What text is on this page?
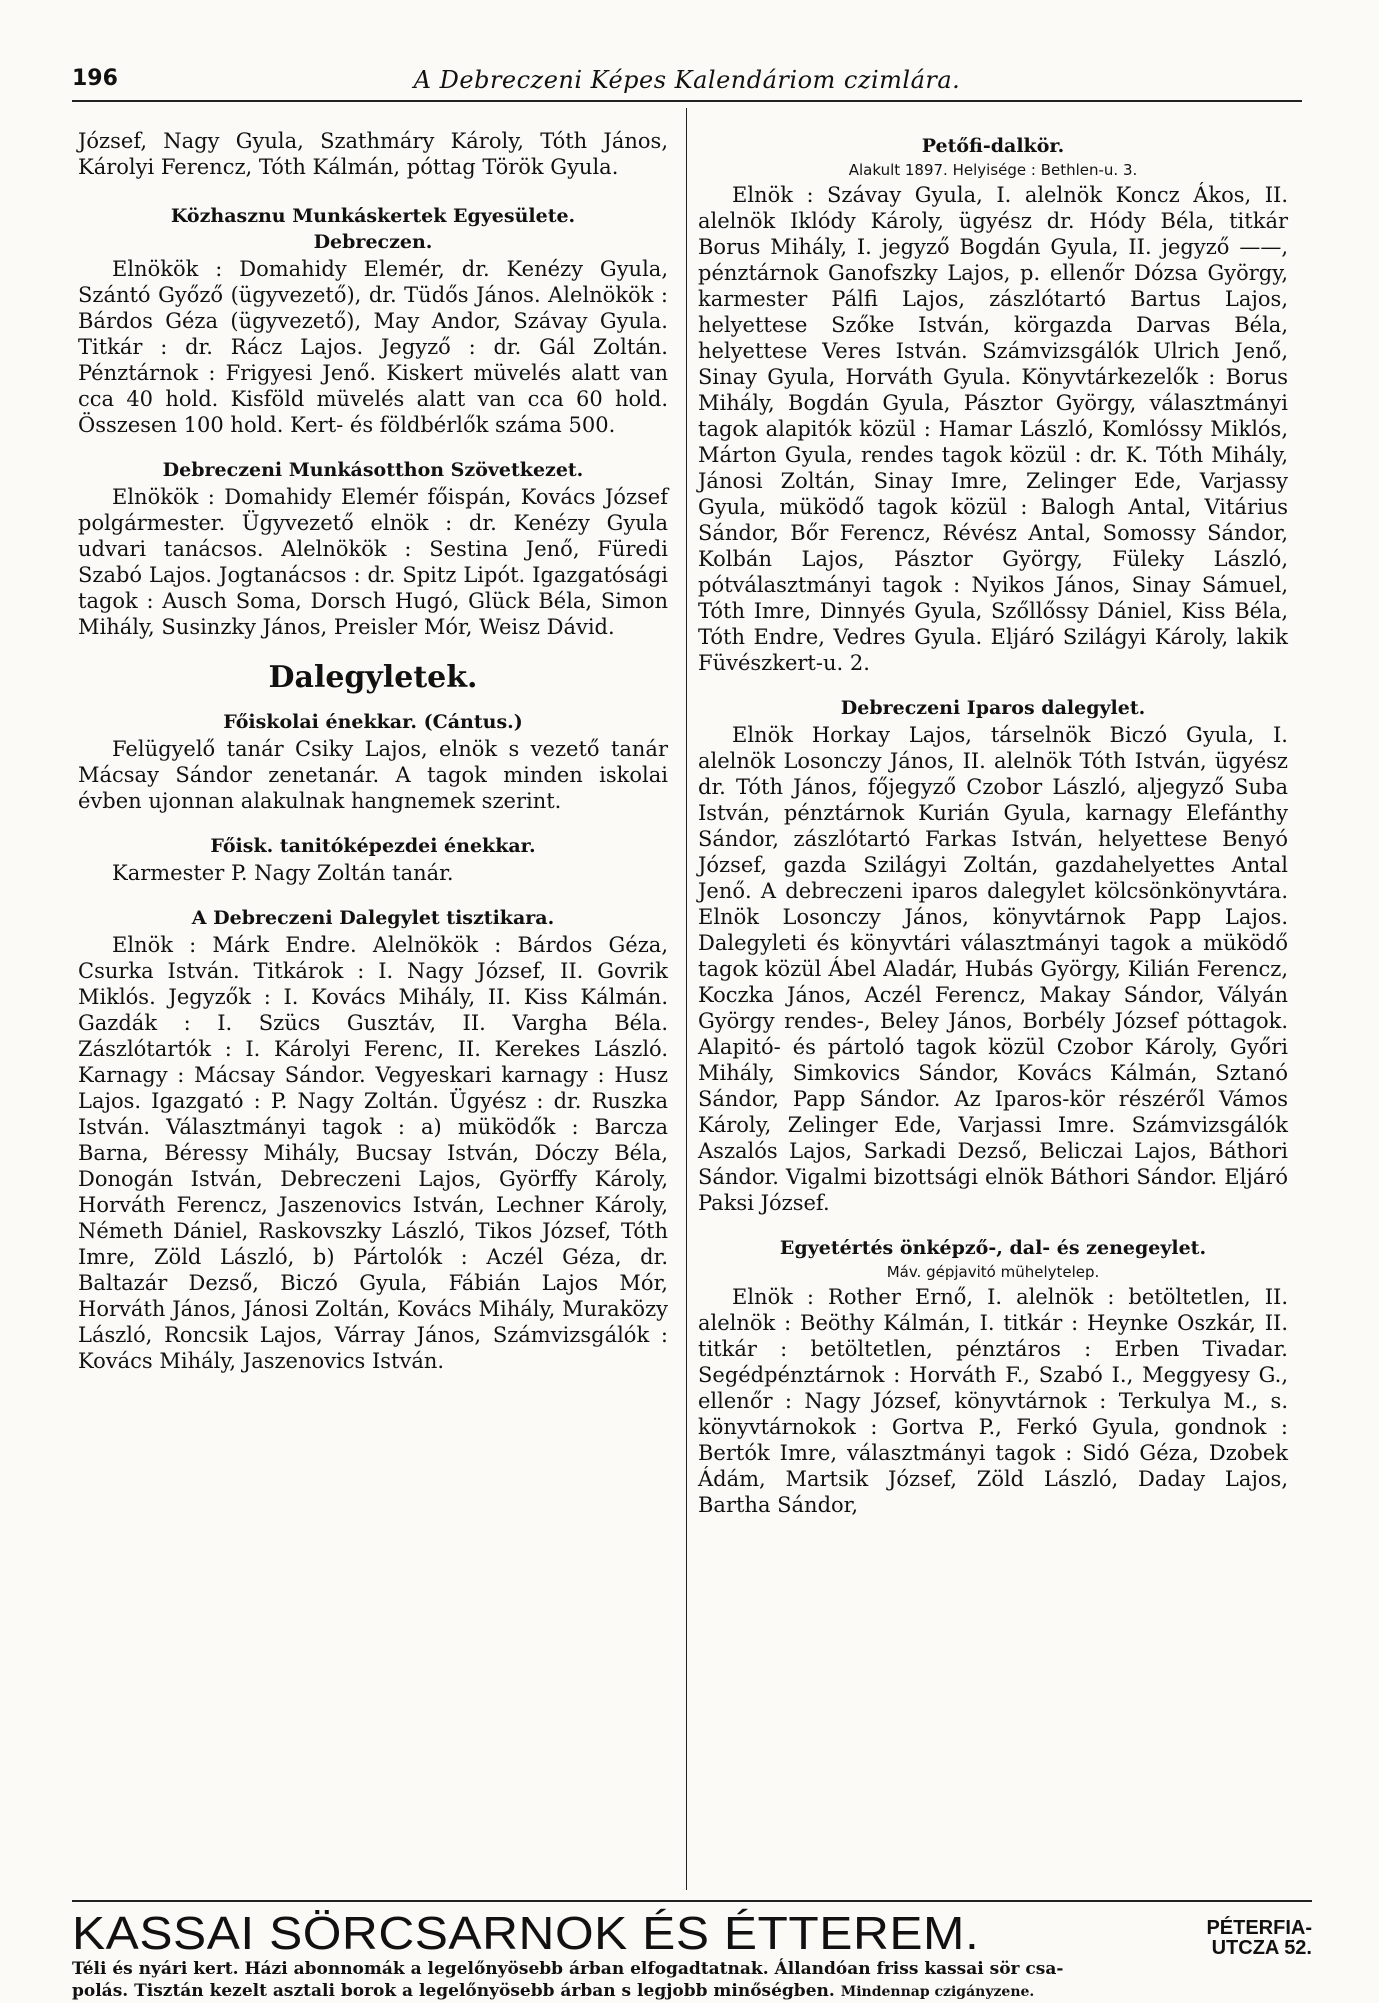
196	A Debreczeni Képes Kalendáriom czimlára.

József, Nagy Gyula, Szathmáry Károly, Tóth János, Károlyi Ferencz, Tóth Kálmán, póttag Török Gyula.

Közhasznu Munkáskertek Egyesülete.
Debreczen.

Elnökök : Domahidy Elemér, dr. Kenézy Gyula, Szántó Győző (ügyvezető), dr. Tüdős János. Alelnökök : Bárdos Géza (ügyvezető), May Andor, Szávay Gyula. Titkár : dr. Rácz Lajos. Jegyző : dr. Gál Zoltán. Pénztárnok : Frigyesi Jenő. Kiskert müvelés alatt van cca 40 hold. Kisföld müvelés alatt van cca 60 hold. Összesen 100 hold. Kert- és földbérlők száma 500.

Debreczeni Munkásotthon Szövetkezet.

Elnökök : Domahidy Elemér főispán, Kovács József polgármester. Ügyvezető elnök : dr. Kenézy Gyula udvari tanácsos. Alelnökök : Sestina Jenő, Füredi Szabó Lajos. Jogtanácsos : dr. Spitz Lipót. Igazgatósági tagok : Ausch Soma, Dorsch Hugó, Glück Béla, Simon Mihály, Susinzky János, Preisler Mór, Weisz Dávid.

Dalegyletek.
Főiskolai énekkar. (Cántus.)

Felügyelő tanár Csiky Lajos, elnök s vezető tanár Mácsay Sándor zenetanár. A tagok minden iskolai évben ujonnan alakulnak hangnemek szerint.

Főisk. tanitóképezdei énekkar.

Karmester P. Nagy Zoltán tanár.

A Debreczeni Dalegylet tisztikara.

Elnök : Márk Endre. Alelnökök : Bárdos Géza, Csurka István. Titkárok : I. Nagy József, II. Govrik Miklós. Jegyzők : I. Kovács Mihály, II. Kiss Kálmán. Gazdák : I. Szücs Gusztáv, II. Vargha Béla. Zászlótartók : I. Károlyi Ferenc, II. Kerekes László. Karnagy : Mácsay Sándor. Vegyeskari karnagy : Husz Lajos. Igazgató : P. Nagy Zoltán. Ügyész : dr. Ruszka István. Választmányi tagok : a) müködők : Barcza Barna, Béressy Mihály, Bucsay István, Dóczy Béla, Donogán István, Debreczeni Lajos, Györffy Károly, Horváth Ferencz, Jaszenovics István, Lechner Károly, Németh Dániel, Raskovszky László, Tikos József, Tóth Imre, Zöld László, b) Pártolók : Aczél Géza, dr. Baltazár Dezső, Biczó Gyula, Fábián Lajos Mór, Horváth János, Jánosi Zoltán, Kovács Mihály, Muraközy László, Roncsik Lajos, Várray János, Számvizsgálók : Kovács Mihály, Jaszenovics István.

Petőfi-dalkör.
Alakult 1897. Helyisége : Bethlen-u. 3.

Elnök : Szávay Gyula, I. alelnök Koncz Ákos, II. alelnök Iklódy Károly, ügyész dr. Hódy Béla, titkár Borus Mihály, I. jegyző Bogdán Gyula, II. jegyző ——, pénztárnok Ganofszky Lajos, p. ellenőr Dózsa György, karmester Pálfi Lajos, zászlótartó Bartus Lajos, helyettese Szőke István, körgazda Darvas Béla, helyettese Veres István. Számvizsgálók Ulrich Jenő, Sinay Gyula, Horváth Gyula. Könyvtárkezelők : Borus Mihály, Bogdán Gyula, Pásztor György, választmányi tagok alapitók közül : Hamar László, Komlóssy Miklós, Márton Gyula, rendes tagok közül : dr. K. Tóth Mihály, Jánosi Zoltán, Sinay Imre, Zelinger Ede, Varjassy Gyula, müködő tagok közül : Balogh Antal, Vitárius Sándor, Bőr Ferencz, Révész Antal, Somossy Sándor, Kolbán Lajos, Pásztor György, Füleky László, pótválasztmányi tagok : Nyikos János, Sinay Sámuel, Tóth Imre, Dinnyés Gyula, Szőllőssy Dániel, Kiss Béla, Tóth Endre, Vedres Gyula. Eljáró Szilágyi Károly, lakik Füvészkert-u. 2.

Debreczeni Iparos dalegylet.

Elnök Horkay Lajos, társelnök Biczó Gyula, I. alelnök Losonczy János, II. alelnök Tóth István, ügyész dr. Tóth János, főjegyző Czobor László, aljegyző Suba István, pénztárnok Kurián Gyula, karnagy Elefánthy Sándor, zászlótartó Farkas István, helyettese Benyó József, gazda Szilágyi Zoltán, gazdahelyettes Antal Jenő. A debreczeni iparos dalegylet kölcsönkönyvtára. Elnök Losonczy János, könyvtárnok Papp Lajos. Dalegyleti és könyvtári választmányi tagok a müködő tagok közül Ábel Aladár, Hubás György, Kilián Ferencz, Koczka János, Aczél Ferencz, Makay Sándor, Vályán György rendes-, Beley János, Borbély József póttagok. Alapitó- és pártoló tagok közül Czobor Károly, Győri Mihály, Simkovics Sándor, Kovács Kálmán, Sztanó Sándor, Papp Sándor. Az Iparos-kör részéről Vámos Károly, Zelinger Ede, Varjassi Imre. Számvizsgálók Aszalós Lajos, Sarkadi Dezső, Beliczai Lajos, Báthori Sándor. Vigalmi bizottsági elnök Báthori Sándor. Eljáró Paksi József.

Egyetértés önképző-, dal- és zenegeylet.
Máv. gépjavitó mühelytelep.

Elnök : Rother Ernő, I. alelnök : betöltetlen, II. alelnök : Beöthy Kálmán, I. titkár : Heynke Oszkár, II. titkár : betöltetlen, pénztáros : Erben Tivadar. Segédpénztárnok : Horváth F., Szabó I., Meggyesy G., ellenőr : Nagy József, könyvtárnok : Terkulya M., s. könyvtárnokok : Gortva P., Ferkó Gyula, gondnok : Bertók Imre, választmányi tagok : Sidó Géza, Dzobek Ádám, Martsik József, Zöld László, Daday Lajos, Bartha Sándor,

KASSAI SÖRCSARNOK ÉS ÉTTEREM.	PÉTERFIA-
UTCZA 52.
Téli és nyári kert. Házi abonnomák a legelőnyösebb árban elfogadtatnak. Állandóan friss kassai sör csa-
polás. Tisztán kezelt asztali borok a legelőnyösebb árban s legjobb minőségben. Mindennap czigányzene.
